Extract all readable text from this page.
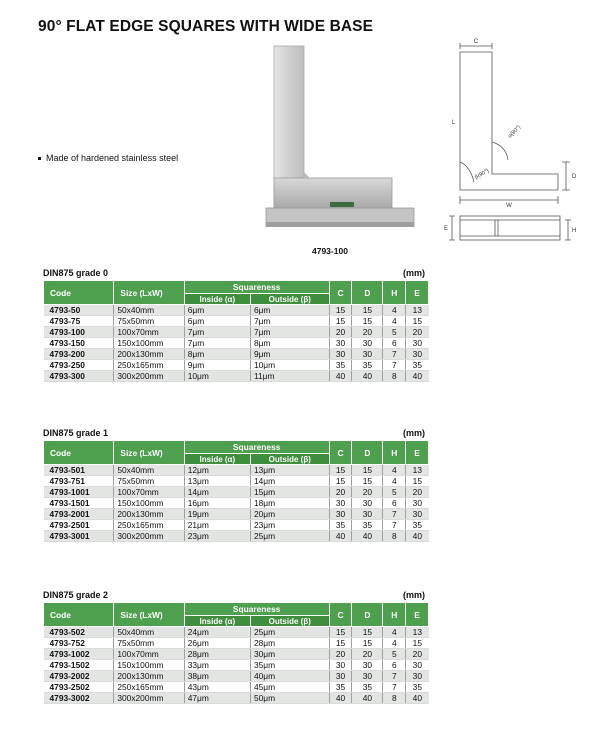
90° FLAT EDGE SQUARES WITH WIDE BASE
Made of hardened stainless steel
4793-100
C
L
α(90°)
β(90°)	D
W
E	H
DIN875 grade 0	(mm)
Code	Size (LxW)	Squareness		C	D	H	E
		Inside (α)	Outside (β)				
4793-50	50x40mm	6μm	6μm	15	15	4	13
4793-75	75x50mm	6μm	7μm	15	15	4	15
4793-100	100x70mm	7μm	7μm	20	20	5	20
4793-150	150x100mm	7μm	8μm	30	30	6	30
4793-200	200x130mm	8μm	9μm	30	30	7	30
4793-250	250x165mm	9μm	10μm	35	35	7	35
4793-300	300x200mm	10μm	11μm	40	40	8	40
DIN875 grade 1	(mm)
Code	Size (LxW)	Squareness		C	D	H	E
		Inside (α)	Outside (β)				
4793-501	50x40mm	12μm	13μm	15	15	4	13
4793-751	75x50mm	13μm	14μm	15	15	4	15
4793-1001	100x70mm	14μm	15μm	20	20	5	20
4793-1501	150x100mm	16μm	18μm	30	30	6	30
4793-2001	200x130mm	19μm	20μm	30	30	7	30
4793-2501	250x165mm	21μm	23μm	35	35	7	35
4793-3001	300x200mm	23μm	25μm	40	40	8	40
DIN875 grade 2	(mm)
Code	Size (LxW)	Squareness		C	D	H	E
		Inside (α)	Outside (β)				
4793-502	50x40mm	24μm	25μm	15	15	4	13
4793-752	75x50mm	26μm	28μm	15	15	4	15
4793-1002	100x70mm	28μm	30μm	20	20	5	20
4793-1502	150x100mm	33μm	35μm	30	30	6	30
4793-2002	200x130mm	38μm	40μm	30	30	7	30
4793-2502	250x165mm	43μm	45μm	35	35	7	35
4793-3002	300x200mm	47μm	50μm	40	40	8	40
